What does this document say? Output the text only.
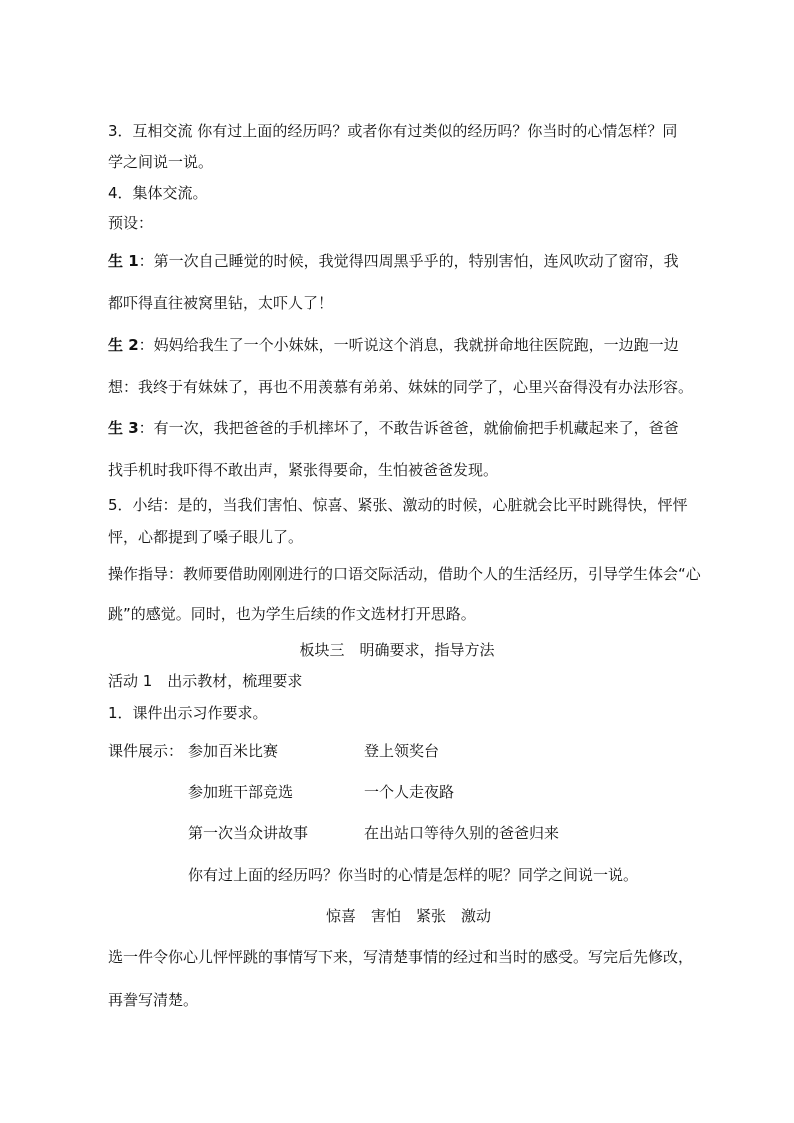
3．互相交流 你有过上面的经历吗？或者你有过类似的经历吗？你当时的心情怎样？同
学之间说一说。
4．集体交流。
预设：
生 1：第一次自己睡觉的时候，我觉得四周黑乎乎的，特别害怕，连风吹动了窗帘，我
都吓得直往被窝里钻，太吓人了！
生 2：妈妈给我生了一个小妹妹，一听说这个消息，我就拼命地往医院跑，一边跑一边
想：我终于有妹妹了，再也不用羡慕有弟弟、妹妹的同学了，心里兴奋得没有办法形容。
生 3：有一次，我把爸爸的手机摔坏了，不敢告诉爸爸，就偷偷把手机藏起来了，爸爸
找手机时我吓得不敢出声，紧张得要命，生怕被爸爸发现。
5．小结：是的，当我们害怕、惊喜、紧张、激动的时候，心脏就会比平时跳得快，怦怦
怦，心都提到了嗓子眼儿了。
操作指导：教师要借助刚刚进行的口语交际活动，借助个人的生活经历，引导学生体会“心
跳”的感觉。同时，也为学生后续的作文选材打开思路。
板块三　明确要求，指导方法
活动 1　出示教材，梳理要求
1．课件出示习作要求。
课件展示： 参加百米比赛	登上领奖台
参加班干部竞选	一个人走夜路
第一次当众讲故事	在出站口等待久别的爸爸归来
你有过上面的经历吗？你当时的心情是怎样的呢？同学之间说一说。
惊喜　害怕　紧张　激动
选一件令你心儿怦怦跳的事情写下来，写清楚事情的经过和当时的感受。写完后先修改，
再誊写清楚。
